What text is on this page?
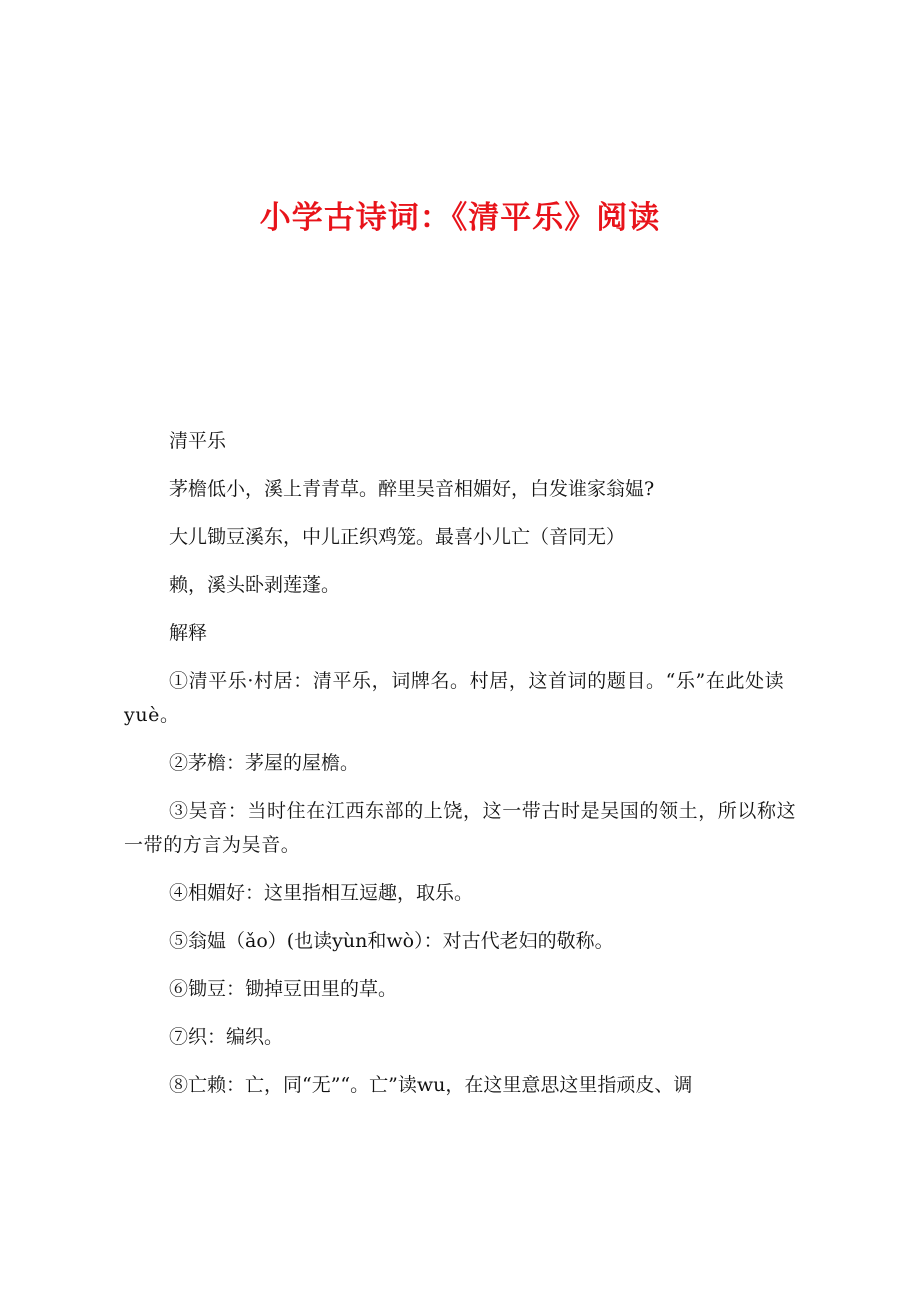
小学古诗词：《清平乐》阅读

清平乐

茅檐低小，溪上青青草。醉里吴音相媚好，白发谁家翁媪?

大儿锄豆溪东，中儿正织鸡笼。最喜小儿亡（音同无）

赖，溪头卧剥莲蓬。

解释

①清平乐·村居：清平乐，词牌名。村居，这首词的题目。“乐”在此处读yuè。

②茅檐：茅屋的屋檐。

③吴音：当时住在江西东部的上饶，这一带古时是吴国的领土，所以称这一带的方言为吴音。

④相媚好：这里指相互逗趣，取乐。

⑤翁媪（ǎo）(也读yùn和wò）：对古代老妇的敬称。

⑥锄豆：锄掉豆田里的草。

⑦织：编织。

⑧亡赖：亡，同“无”“。亡”读wu，在这里意思这里指顽皮、调
